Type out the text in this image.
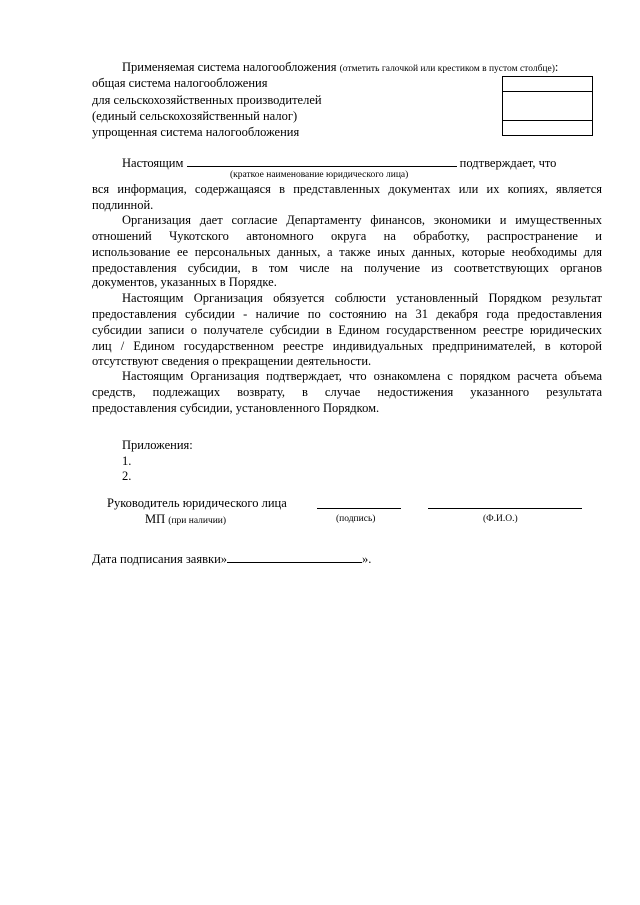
Применяемая система налогообложения (отметить галочкой или крестиком в пустом столбце):
общая система налогообложения
для сельскохозяйственных производителей
(единый сельскохозяйственный налог)
упрощенная система налогообложения

Настоящим	подтверждает, что
(краткое наименование юридического лица)
вся информация, содержащаяся в представленных документах или их копиях, является
подлинной.
Организация дает согласие Департаменту финансов, экономики и имущественных
отношений Чукотского автономного округа на обработку, распространение и
использование ее персональных данных, а также иных данных, которые необходимы для
предоставления субсидии, в том числе на получение из соответствующих органов
документов, указанных в Порядке.
Настоящим Организация обязуется соблюсти установленный Порядком результат
предоставления субсидии - наличие по состоянию на 31 декабря года предоставления
субсидии записи о получателе субсидии в Едином государственном реестре юридических
лиц / Едином государственном реестре индивидуальных предпринимателей, в которой
отсутствуют сведения о прекращении деятельности.
Настоящим Организация подтверждает, что ознакомлена с порядком расчета объема
средств, подлежащих возврату, в случае недостижения указанного результата
предоставления субсидии, установленного Порядком.
Приложения:
1.
2.
Руководитель юридического лица
МП (при наличии)	(подпись)	(Ф.И.О.)
Дата подписания заявки»	».
